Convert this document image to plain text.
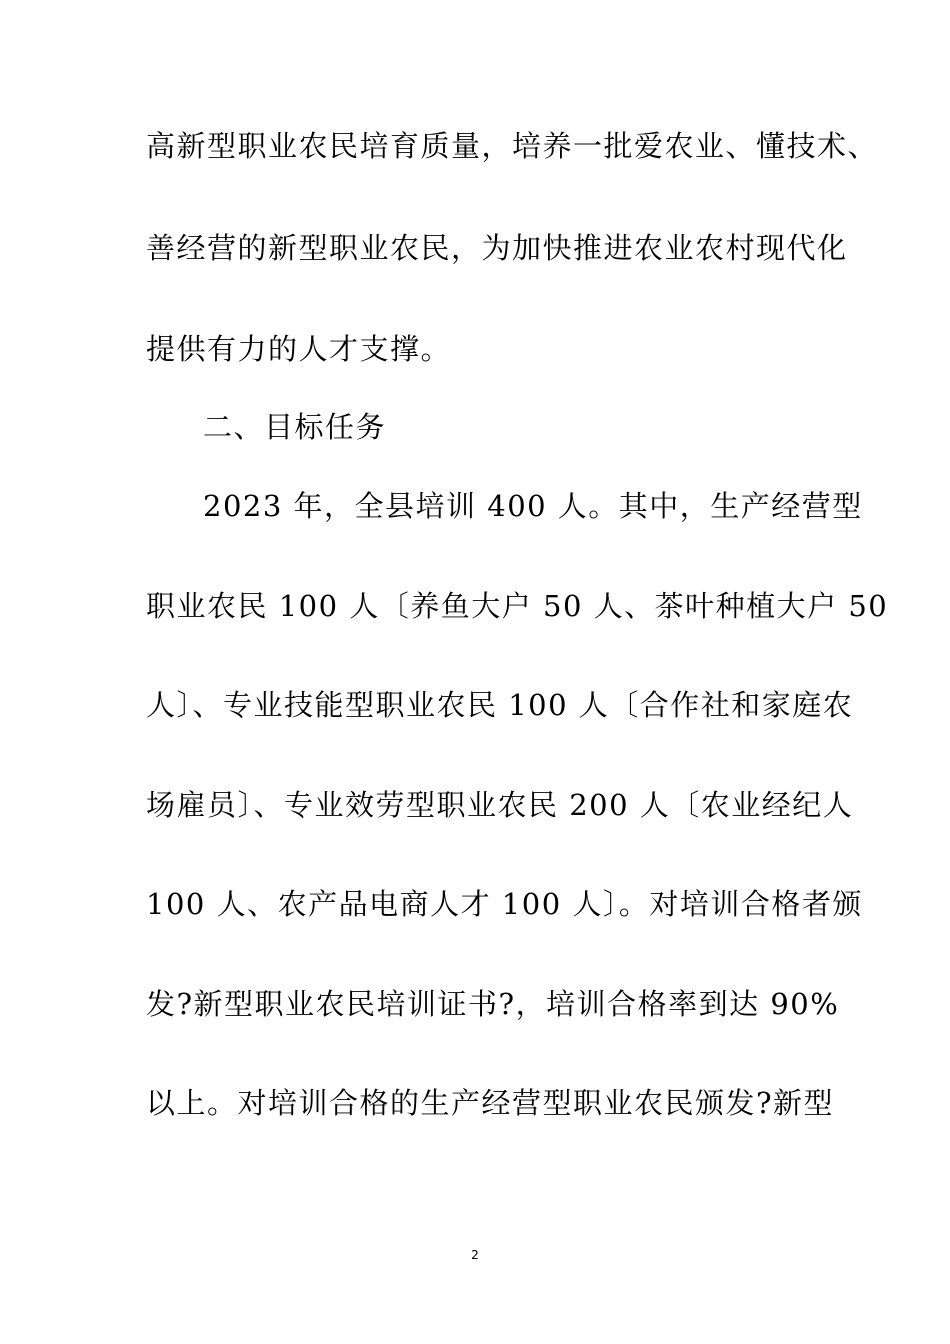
高新型职业农民培育质量，培养一批爱农业、懂技术、
善经营的新型职业农民，为加快推进农业农村现代化
提供有力的人才支撑。
二、目标任务
2023 年，全县培训 400 人。其中，生产经营型
职业农民 100 人〔养鱼大户 50 人、茶叶种植大户 50
人〕、专业技能型职业农民 100 人〔合作社和家庭农
场雇员〕、专业效劳型职业农民 200 人〔农业经纪人
100 人、农产品电商人才 100 人〕。对培训合格者颁
发?新型职业农民培训证书?，培训合格率到达 90%
以上。对培训合格的生产经营型职业农民颁发?新型
2
